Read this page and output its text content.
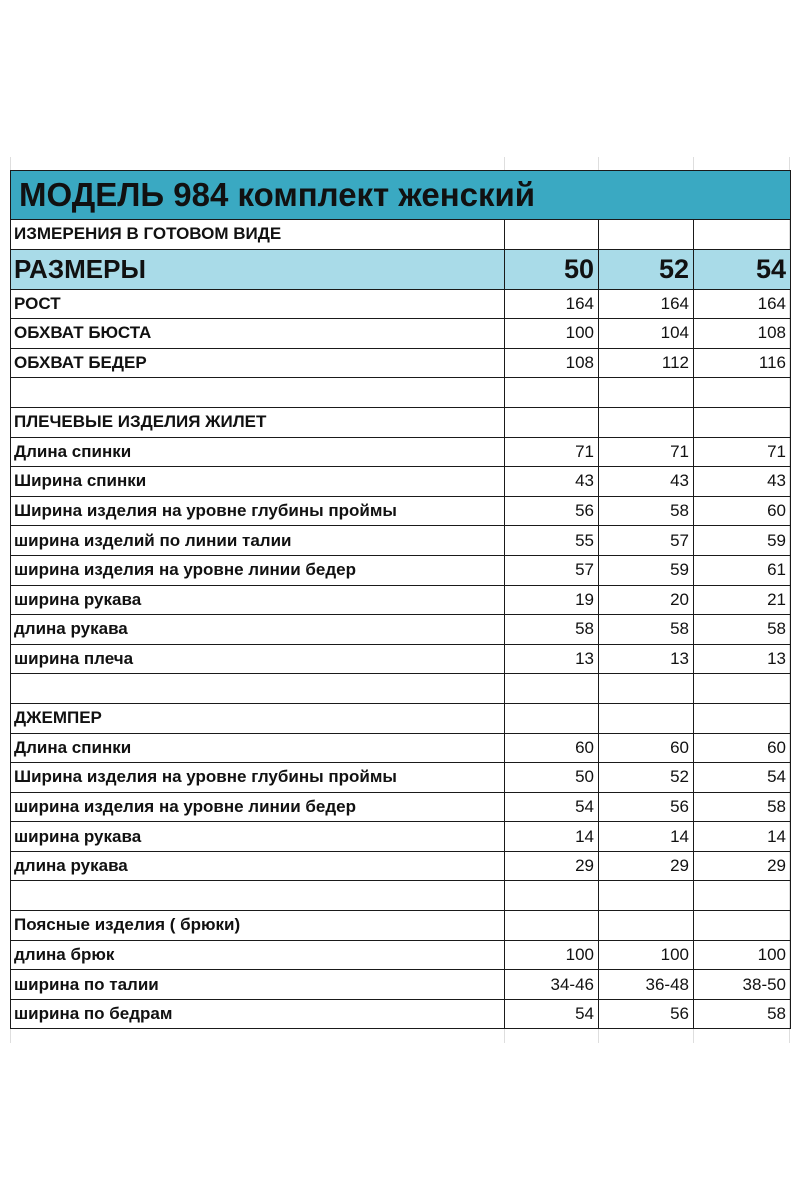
МОДЕЛЬ 984 комплект женский			
ИЗМЕРЕНИЯ В ГОТОВОМ ВИДЕ			
РАЗМЕРЫ	50	52	54
РОСТ	164	164	164
ОБХВАТ БЮСТА	100	104	108
ОБХВАТ БЕДЕР	108	112	116

ПЛЕЧЕВЫЕ ИЗДЕЛИЯ ЖИЛЕТ			
Длина спинки	71	71	71
Ширина спинки	43	43	43
Ширина изделия на уровне глубины проймы	56	58	60
ширина изделий по линии талии	55	57	59
ширина изделия на уровне линии бедер	57	59	61
ширина рукава	19	20	21
длина рукава	58	58	58
ширина плеча	13	13	13

ДЖЕМПЕР			
Длина спинки	60	60	60
Ширина изделия на уровне глубины проймы	50	52	54
ширина изделия на уровне линии бедер	54	56	58
ширина рукава	14	14	14
длина рукава	29	29	29

Поясные изделия ( брюки)			
длина брюк	100	100	100
ширина по талии	34-46	36-48	38-50
ширина по бедрам	54	56	58
